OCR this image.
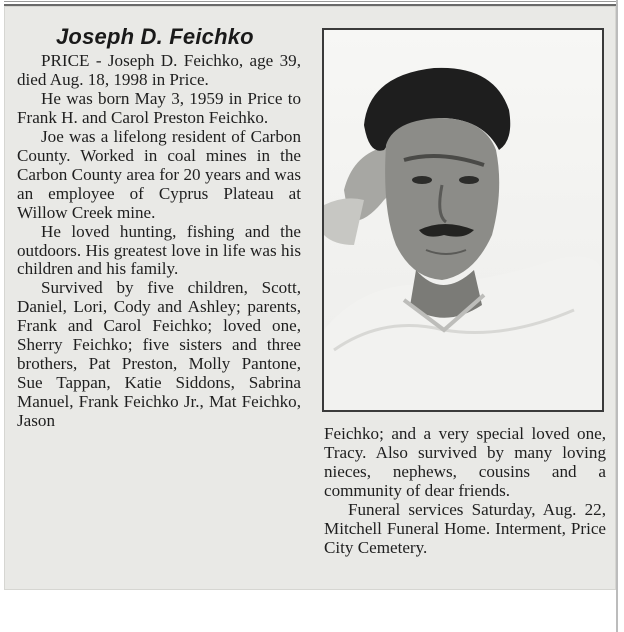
Joseph D. Feichko

PRICE - Joseph D. Feichko, age 39, died Aug. 18, 1998 in Price.

He was born May 3, 1959 in Price to Frank H. and Carol Preston Feichko.

Joe was a lifelong resident of Carbon County. Worked in coal mines in the Carbon County area for 20 years and was an employee of Cyprus Plateau at Willow Creek mine.

He loved hunting, fishing and the outdoors. His greatest love in life was his children and his family.

Survived by five children, Scott, Daniel, Lori, Cody and Ashley; parents, Frank and Carol Feichko; loved one, Sherry Feichko; five sisters and three brothers, Pat Preston, Molly Pantone, Sue Tappan, Katie Siddons, Sabrina Manuel, Frank Feichko Jr., Mat Feichko, Jason

Feichko; and a very special loved one, Tracy. Also survived by many loving nieces, nephews, cousins and a community of dear friends.

Funeral services Saturday, Aug. 22, Mitchell Funeral Home. Interment, Price City Cemetery.
